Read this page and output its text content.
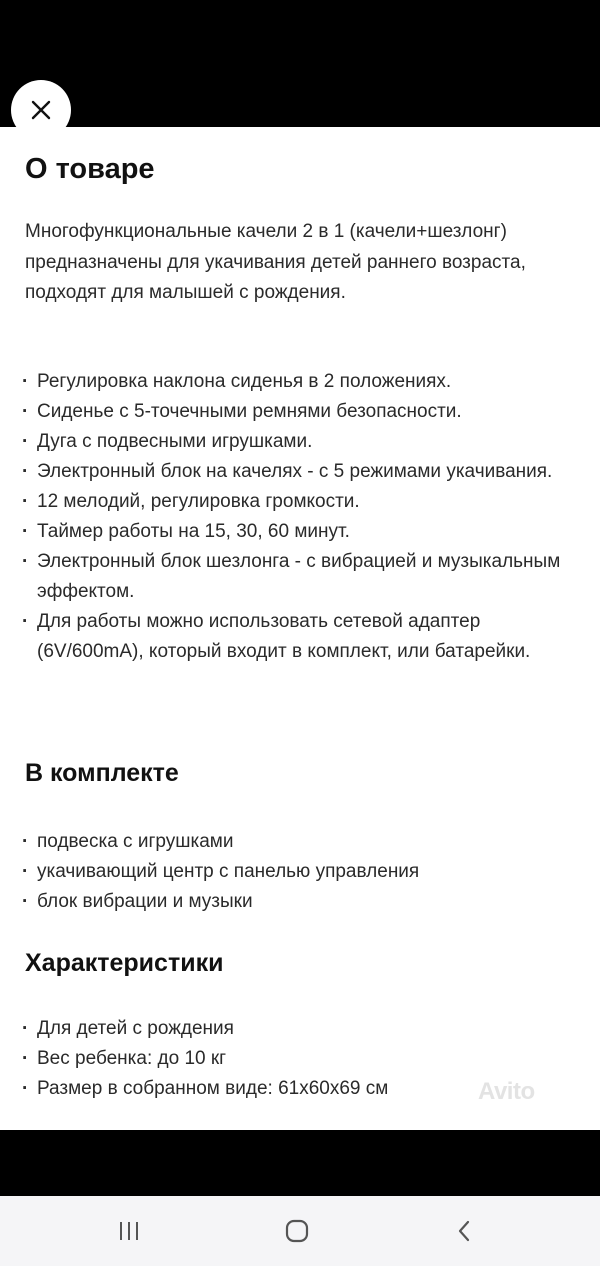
О товаре

Многофункциональные качели 2 в 1 (качели+шезлонг) предназначены для укачивания детей раннего возраста, подходят для малышей с рождения.

· Регулировка наклона сиденья в 2 положениях.
· Сиденье с 5-точечными ремнями безопасности.
· Дуга с подвесными игрушками.
· Электронный блок на качелях - с 5 режимами укачивания.
· 12 мелодий, регулировка громкости.
· Таймер работы на 15, 30, 60 минут.
· Электронный блок шезлонга - с вибрацией и музыкальным эффектом.
· Для работы можно использовать сетевой адаптер (6V/600mA), который входит в комплект, или батарейки.
В комплекте
· подвеска с игрушками
· укачивающий центр с панелью управления
· блок вибрации и музыки
Характеристики
· Для детей с рождения
· Вес ребенка: до 10 кг
· Размер в собранном виде: 61х60х69 см	Avito
